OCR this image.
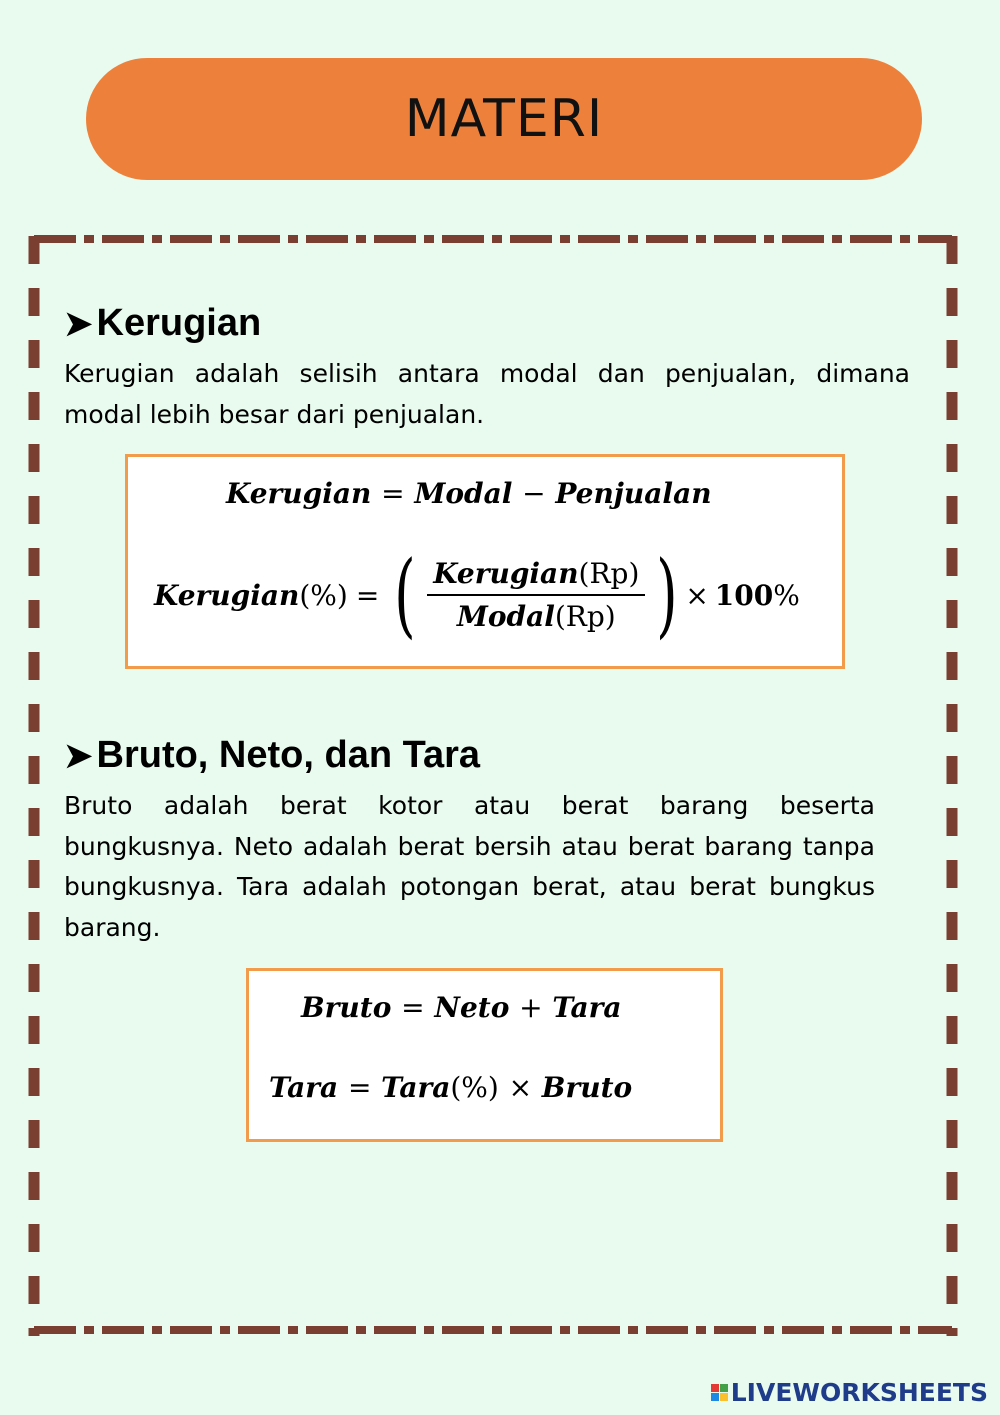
MATERI
➤ Kerugian
Kerugian adalah selisih antara modal dan penjualan, dimana modal lebih besar dari penjualan.
Kerugian = Modal − Penjualan
Kerugian (%) = ( $\frac{\text{Kerugian(Rp)}}{\text{Modal(Rp)}}$ ) × 100 %
➤ Bruto, Neto, dan Tara
Bruto adalah berat kotor atau berat barang beserta bungkusnya. Neto adalah berat bersih atau berat barang tanpa bungkusnya. Tara adalah potongan berat, atau berat bungkus barang.
Bruto = Neto + Tara
Tara = Tara(%) × Bruto
LIVEWORKSHEETS
